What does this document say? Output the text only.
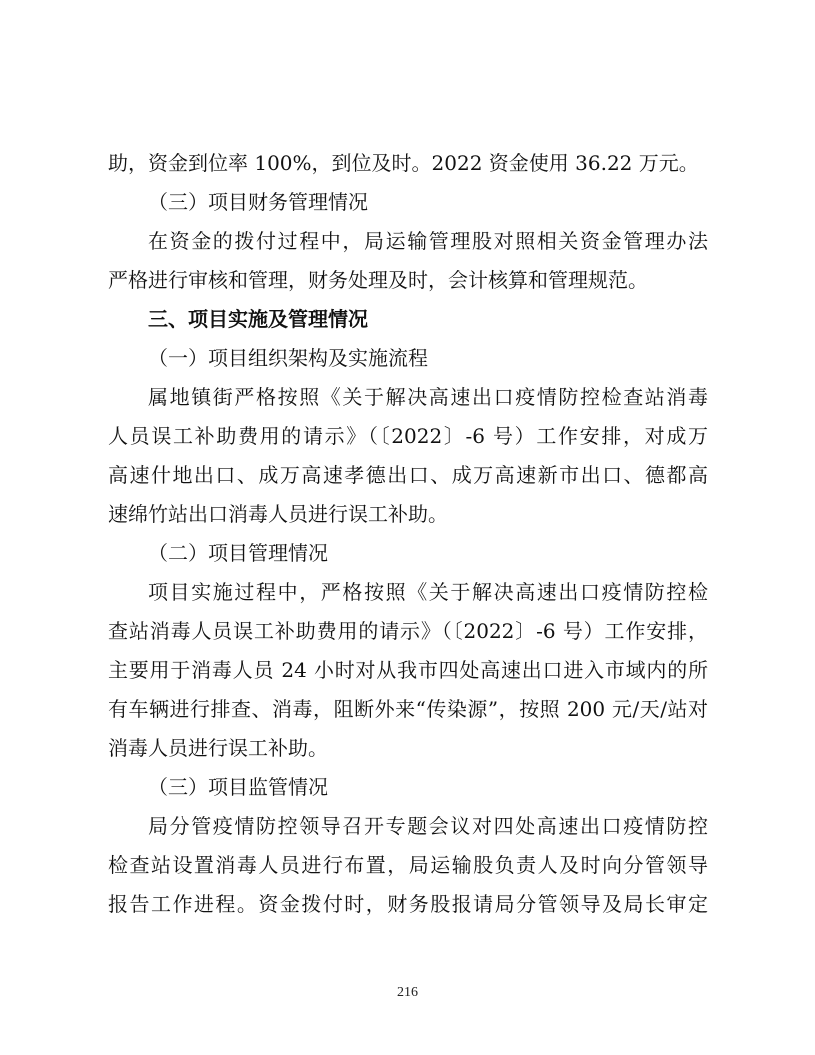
助，资金到位率 100%，到位及时。2022 资金使用 36.22 万元。
（三）项目财务管理情况
在资金的拨付过程中，局运输管理股对照相关资金管理办法
严格进行审核和管理，财务处理及时，会计核算和管理规范。
三、项目实施及管理情况
（一）项目组织架构及实施流程
属地镇街严格按照《关于解决高速出口疫情防控检查站消毒
人员误工补助费用的请示》（〔2022〕-6 号）工作安排，对成万
高速什地出口、成万高速孝德出口、成万高速新市出口、德都高
速绵竹站出口消毒人员进行误工补助。
（二）项目管理情况
项目实施过程中，严格按照《关于解决高速出口疫情防控检
查站消毒人员误工补助费用的请示》（〔2022〕-6 号）工作安排，
主要用于消毒人员 24 小时对从我市四处高速出口进入市域内的所
有车辆进行排查、消毒，阻断外来“传染源”，按照 200 元/天/站对
消毒人员进行误工补助。
（三）项目监管情况
局分管疫情防控领导召开专题会议对四处高速出口疫情防控
检查站设置消毒人员进行布置，局运输股负责人及时向分管领导
报告工作进程。资金拨付时，财务股报请局分管领导及局长审定
216
